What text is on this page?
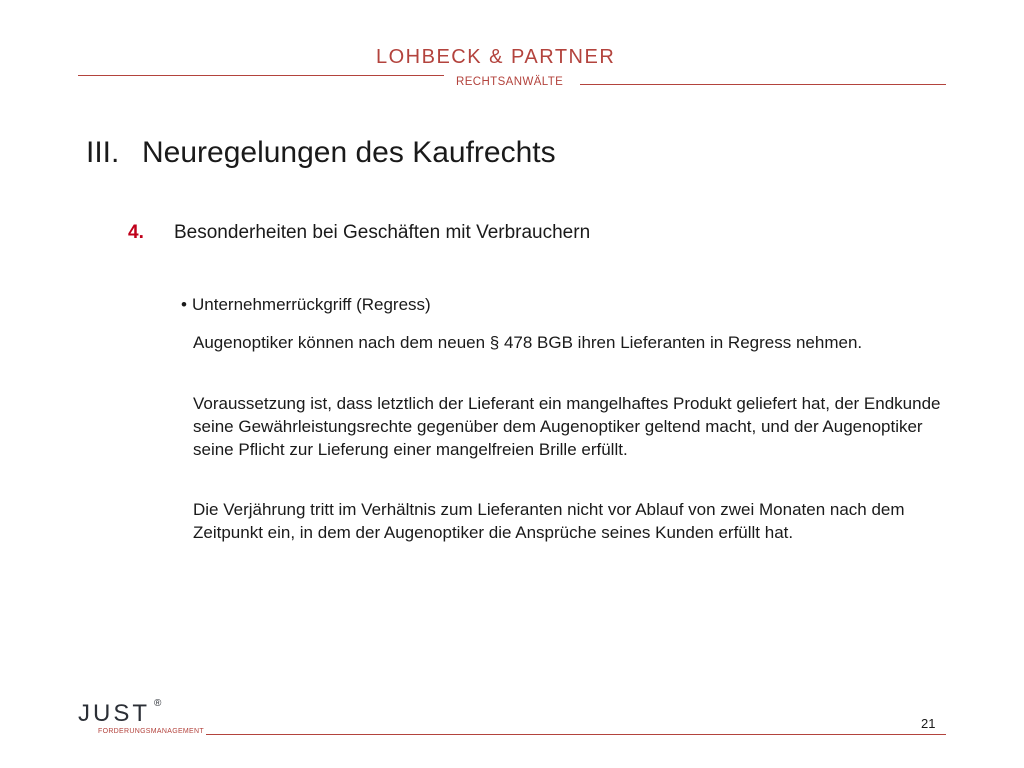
LOHBECK & PARTNER
RECHTSANWÄLTE
III. Neuregelungen des Kaufrechts
4. Besonderheiten bei Geschäften mit Verbrauchern
• Unternehmerrückgriff (Regress)
Augenoptiker können nach dem neuen § 478 BGB ihren Lieferanten in Regress nehmen.
Voraussetzung ist, dass letztlich der Lieferant ein mangelhaftes Produkt geliefert hat, der Endkunde seine Gewährleistungsrechte gegenüber dem Augenoptiker geltend macht, und der Augenoptiker seine Pflicht zur Lieferung einer mangelfreien Brille erfüllt.
Die Verjährung tritt im Verhältnis zum Lieferanten nicht vor Ablauf von zwei Monaten nach dem Zeitpunkt ein, in dem der Augenoptiker die Ansprüche seines Kunden erfüllt hat.
JUST ®
FORDERUNGSMANAGEMENT
21
